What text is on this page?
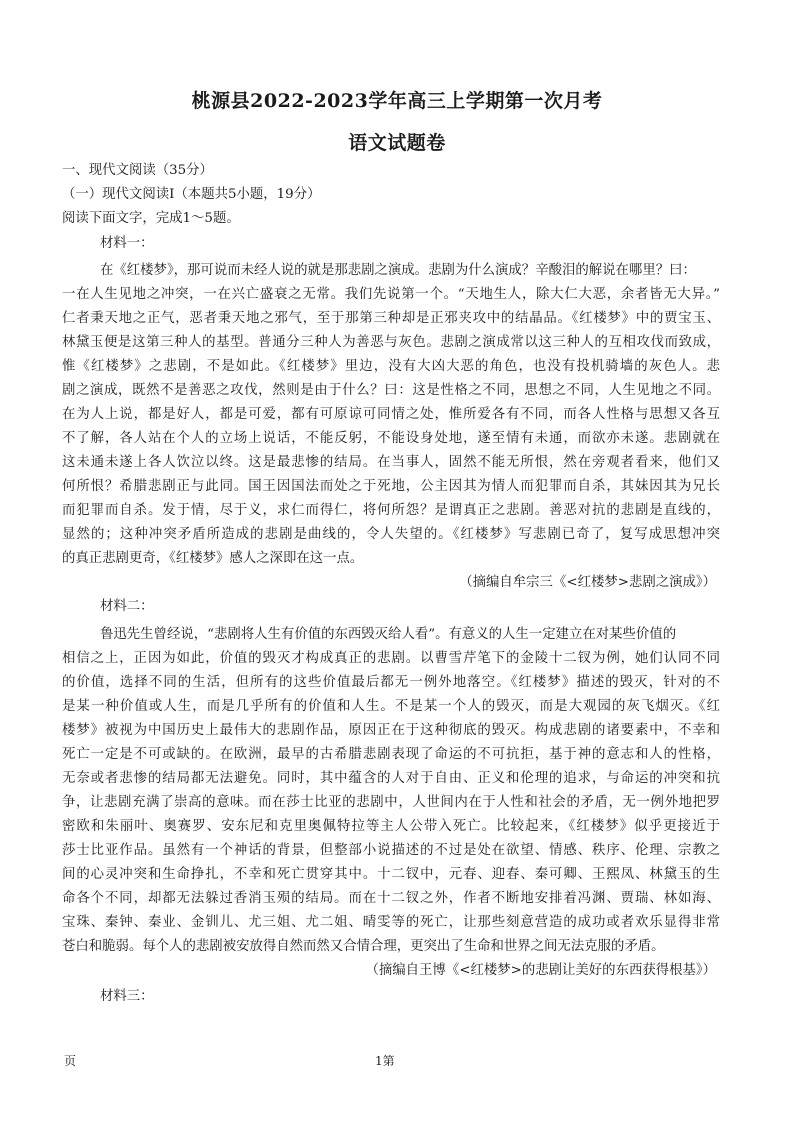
桃源县2022-2023学年高三上学期第一次月考
语文试题卷
一、现代文阅读（35分）
（一）现代文阅读Ⅰ（本题共5小题，19分）
阅读下面文字，完成1～5题。
材料一：
在《红楼梦》，那可说而未经人说的就是那悲剧之演成。悲剧为什么演成？辛酸泪的解说在哪里？曰：
一在人生见地之冲突，一在兴亡盛衰之无常。我们先说第一个。“天地生人，除大仁大恶，余者皆无大异。”
仁者秉天地之正气，恶者秉天地之邪气，至于那第三种却是正邪夹攻中的结晶品。《红楼梦》中的贾宝玉、
林黛玉便是这第三种人的基型。普通分三种人为善恶与灰色。悲剧之演成常以这三种人的互相攻伐而致成，
惟《红楼梦》之悲剧，不是如此。《红楼梦》里边，没有大凶大恶的角色，也没有投机骑墙的灰色人。悲
剧之演成，既然不是善恶之攻伐，然则是由于什么？曰：这是性格之不同，思想之不同，人生见地之不同。
在为人上说，都是好人，都是可爱，都有可原谅可同情之处，惟所爱各有不同，而各人性格与思想又各互
不了解，各人站在个人的立场上说话，不能反躬，不能设身处地，遂至情有未通，而欲亦未遂。悲剧就在
这未通未遂上各人饮泣以终。这是最悲惨的结局。在当事人，固然不能无所恨，然在旁观者看来，他们又
何所恨？希腊悲剧正与此同。国王因国法而处之于死地，公主因其为情人而犯罪而自杀，其妹因其为兄长
而犯罪而自杀。发于情，尽于义，求仁而得仁，将何所怨？是谓真正之悲剧。善恶对抗的悲剧是直线的，
显然的；这种冲突矛盾所造成的悲剧是曲线的，令人失望的。《红楼梦》写悲剧已奇了，复写成思想冲突
的真正悲剧更奇，《红楼梦》感人之深即在这一点。
（摘编自牟宗三《<红楼梦>悲剧之演成》）
材料二：
鲁迅先生曾经说，“悲剧将人生有价值的东西毁灭给人看”。有意义的人生一定建立在对某些价值的
相信之上，正因为如此，价值的毁灭才构成真正的悲剧。以曹雪芹笔下的金陵十二钗为例，她们认同不同
的价值，选择不同的生活，但所有的这些价值最后都无一例外地落空。《红楼梦》描述的毁灭，针对的不
是某一种价值或人生，而是几乎所有的价值和人生。不是某一个人的毁灭，而是大观园的灰飞烟灭。《红
楼梦》被视为中国历史上最伟大的悲剧作品，原因正在于这种彻底的毁灭。构成悲剧的诸要素中，不幸和
死亡一定是不可或缺的。在欧洲，最早的古希腊悲剧表现了命运的不可抗拒，基于神的意志和人的性格，
无奈或者悲惨的结局都无法避免。同时，其中蕴含的人对于自由、正义和伦理的追求，与命运的冲突和抗
争，让悲剧充满了崇高的意味。而在莎士比亚的悲剧中，人世间内在于人性和社会的矛盾，无一例外地把罗
密欧和朱丽叶、奥赛罗、安东尼和克里奥佩特拉等主人公带入死亡。比较起来，《红楼梦》似乎更接近于
莎士比亚作品。虽然有一个神话的背景，但整部小说描述的不过是处在欲望、情感、秩序、伦理、宗教之
间的心灵冲突和生命挣扎，不幸和死亡贯穿其中。十二钗中，元春、迎春、秦可卿、王熙凤、林黛玉的生
命各个不同，却都无法躲过香消玉殒的结局。而在十二钗之外，作者不断地安排着冯渊、贾瑞、林如海、
宝珠、秦钟、秦业、金钏儿、尤三姐、尤二姐、晴雯等的死亡，让那些刻意营造的成功或者欢乐显得非常
苍白和脆弱。每个人的悲剧被安放得自然而然又合情合理，更突出了生命和世界之间无法克服的矛盾。
（摘编自王博《<红楼梦>的悲剧让美好的东西获得根基》）
材料三：
页	1第
